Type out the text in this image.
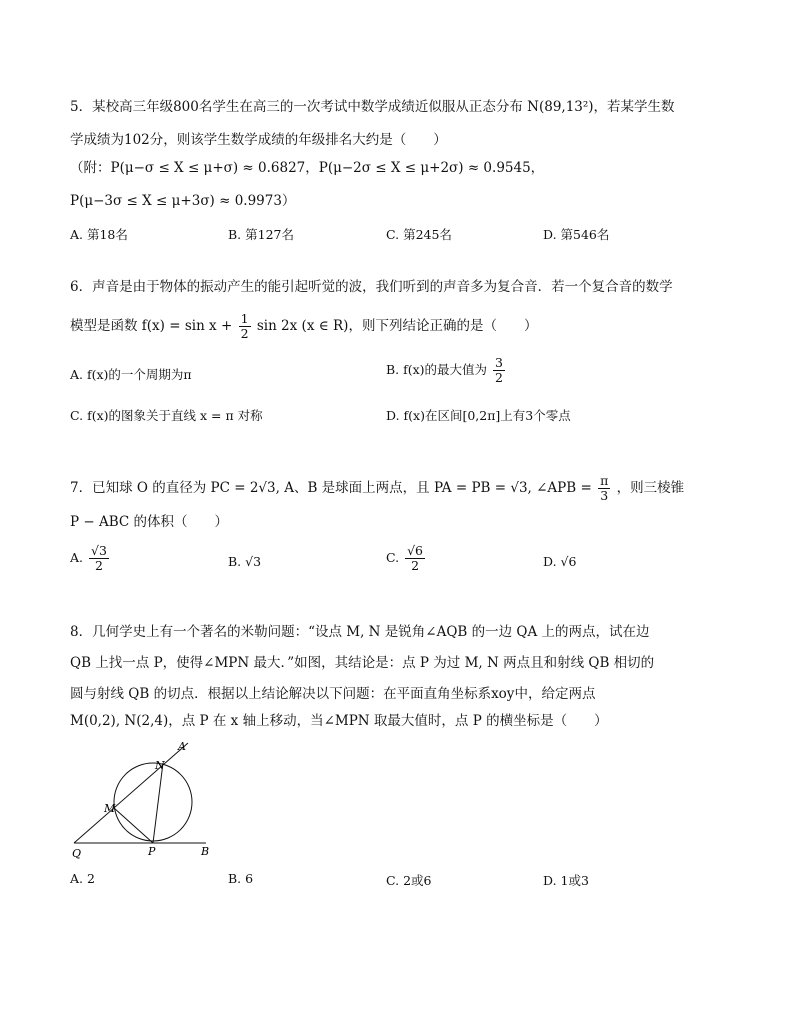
5．某校高三年级800名学生在高三的一次考试中数学成绩近似服从正态分布 N(89,13²)，若某学生数
学成绩为102分，则该学生数学成绩的年级排名大约是（　　）
（附：P(μ−σ ≤ X ≤ μ+σ) ≈ 0.6827，P(μ−2σ ≤ X ≤ μ+2σ) ≈ 0.9545，
P(μ−3σ ≤ X ≤ μ+3σ) ≈ 0.9973）
A. 第18名	B. 第127名	C. 第245名	D. 第546名
6．声音是由于物体的振动产生的能引起听觉的波，我们听到的声音多为复合音．若一个复合音的数学
模型是函数 $f(x) = \sin x + \frac{1}{2}$ sin 2x (x ∈ R)，则下列结论正确的是（　　）
A. f(x)的一个周期为π	B. f(x)的最大值为 $\frac{3}{2}$
C. f(x)的图象关于直线 x = π 对称	D. f(x)在区间[0,2π]上有3个零点
7．已知球 O 的直径为 PC = 2√3, A、B 是球面上两点，且 PA = PB = √3, ∠APB = $\frac{\pi}{3}$ ，则三棱锥
P − ABC 的体积（　　）
A. $\frac{√3}{2}$	B. √3	C. $\frac{√6}{2}$	D. √6
8．几何学史上有一个著名的米勒问题：“设点 M, N 是锐角∠AQB 的一边 QA 上的两点，试在边
QB 上找一点 P，使得∠MPN 最大．”如图，其结论是：点 P 为过 M, N 两点且和射线 QB 相切的
圆与射线 QB 的切点．根据以上结论解决以下问题：在平面直角坐标系xoy中，给定两点
M(0,2), N(2,4)，点 P 在 x 轴上移动，当∠MPN 取最大值时，点 P 的横坐标是（　　）
A
N
M
Q	P	B
A. 2	B. 6	C. 2或6	D. 1或3
